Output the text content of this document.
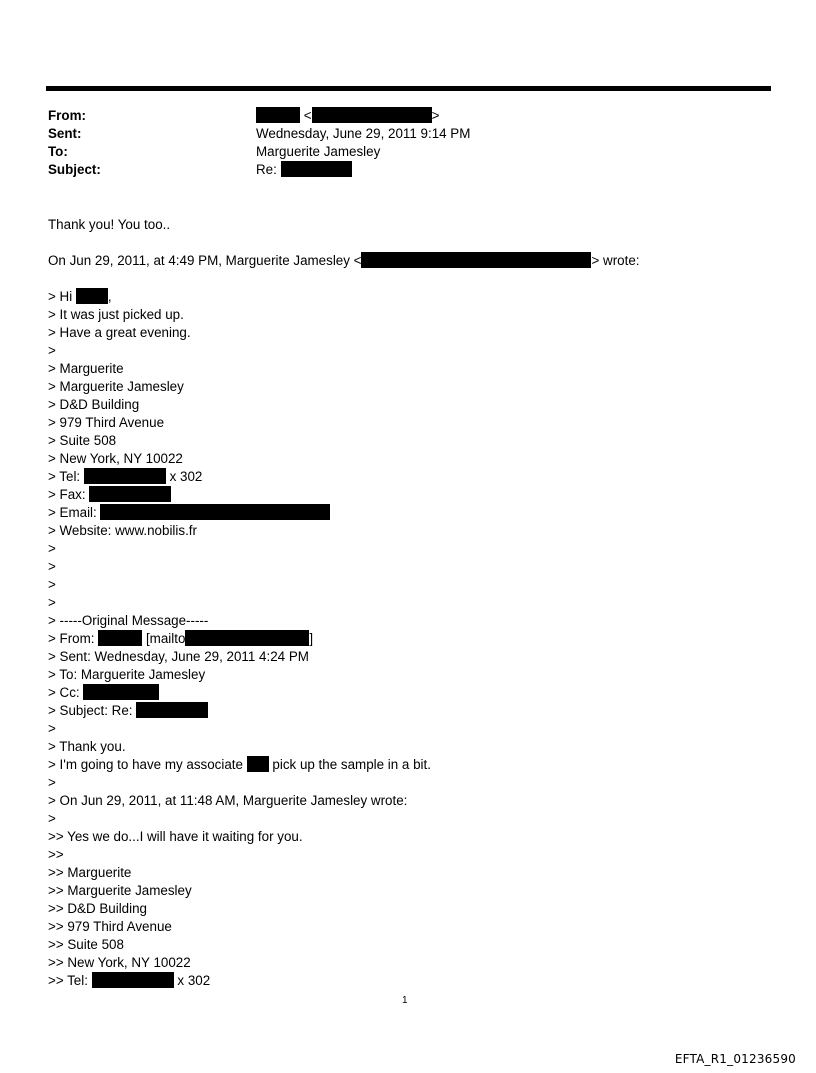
From:	<	>
Sent:	Wednesday, June 29, 2011 9:14 PM
To:	Marguerite Jamesley
Subject:	Re:
Thank you! You too..
On Jun 29, 2011, at 4:49 PM, Marguerite Jamesley <	> wrote:
> Hi ,
> It was just picked up.
> Have a great evening.
>
> Marguerite
> Marguerite Jamesley
> D&D Building
> 979 Third Avenue
> Suite 508
> New York, NY 10022
> Tel:	x 302
> Fax:
> Email:
> Website: www.nobilis.fr
>
>
>
>
> -----Original Message-----
> From:	[mailto	]
> Sent: Wednesday, June 29, 2011 4:24 PM
> To: Marguerite Jamesley
> Cc:
> Subject: Re:
>
> Thank you.
> I'm going to have my associate  pick up the sample in a bit.
>
> On Jun 29, 2011, at 11:48 AM, Marguerite Jamesley wrote:
>
>> Yes we do...I will have it waiting for you.
>>
>> Marguerite
>> Marguerite Jamesley
>> D&D Building
>> 979 Third Avenue
>> Suite 508
>> New York, NY 10022
>> Tel:	x 302
1
EFTA_R1_01236590
